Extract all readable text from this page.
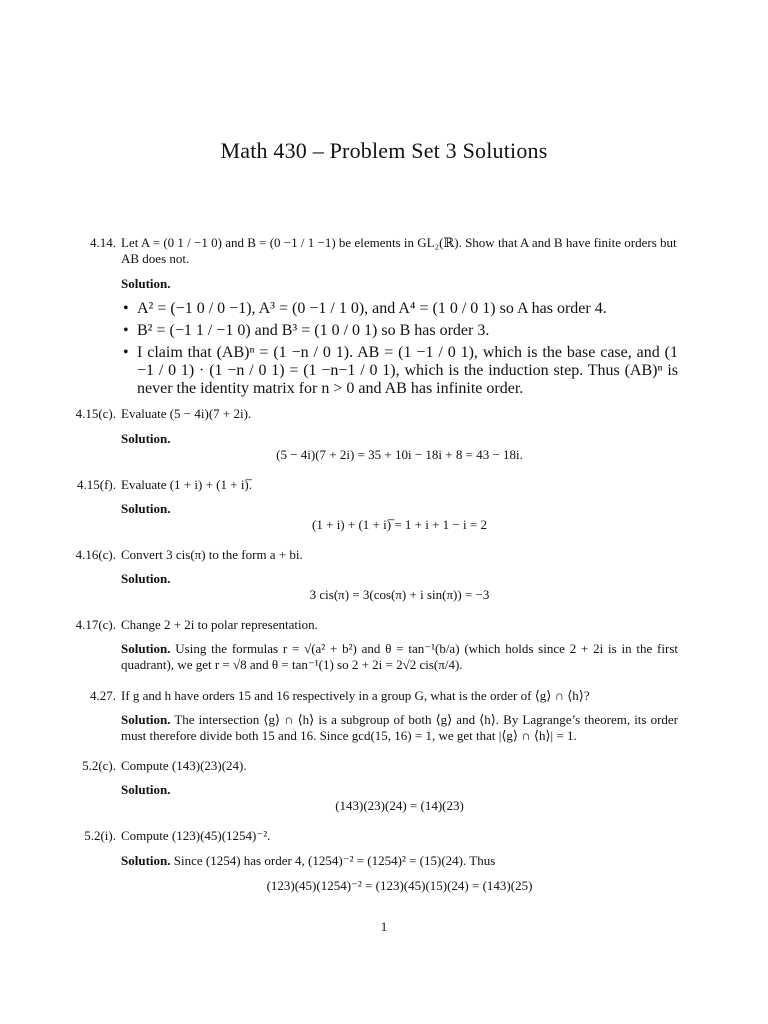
Math 430 – Problem Set 3 Solutions
4.14. Let A = (0 1 / −1 0) and B = (0 −1 / 1 −1) be elements in GL₂(ℝ). Show that A and B have finite orders but AB does not.
Solution.
• A² = (−1 0 / 0 −1), A³ = (0 −1 / 1 0), and A⁴ = (1 0 / 0 1) so A has order 4.
• B² = (−1 1 / −1 0) and B³ = (1 0 / 0 1) so B has order 3.
• I claim that (AB)ⁿ = (1 −n / 0 1). AB = (1 −1 / 0 1), which is the base case, and (1 −1 / 0 1) · (1 −n / 0 1) = (1 −n−1 / 0 1), which is the induction step. Thus (AB)ⁿ is never the identity matrix for n > 0 and AB has infinite order.
4.15(c). Evaluate (5 − 4i)(7 + 2i).
Solution.
(5 − 4i)(7 + 2i) = 35 + 10i − 18i + 8 = 43 − 18i.
4.15(f). Evaluate (1 + i) + (1 + i)̅.
Solution.
(1 + i) + (1 + i)̅ = 1 + i + 1 − i = 2
4.16(c). Convert 3 cis(π) to the form a + bi.
Solution.
3 cis(π) = 3(cos(π) + i sin(π)) = −3
4.17(c). Change 2 + 2i to polar representation.
Solution. Using the formulas r = √(a² + b²) and θ = tan⁻¹(b/a) (which holds since 2 + 2i is in the first quadrant), we get r = √8 and θ = tan⁻¹(1) so 2 + 2i = 2√2 cis(π/4).
4.27. If g and h have orders 15 and 16 respectively in a group G, what is the order of ⟨g⟩ ∩ ⟨h⟩?
Solution. The intersection ⟨g⟩ ∩ ⟨h⟩ is a subgroup of both ⟨g⟩ and ⟨h⟩. By Lagrange’s theorem, its order must therefore divide both 15 and 16. Since gcd(15, 16) = 1, we get that |⟨g⟩ ∩ ⟨h⟩| = 1.
5.2(c). Compute (143)(23)(24).
Solution.
(143)(23)(24) = (14)(23)
5.2(i). Compute (123)(45)(1254)⁻².
Solution. Since (1254) has order 4, (1254)⁻² = (1254)² = (15)(24). Thus
(123)(45)(1254)⁻² = (123)(45)(15)(24) = (143)(25)
1
